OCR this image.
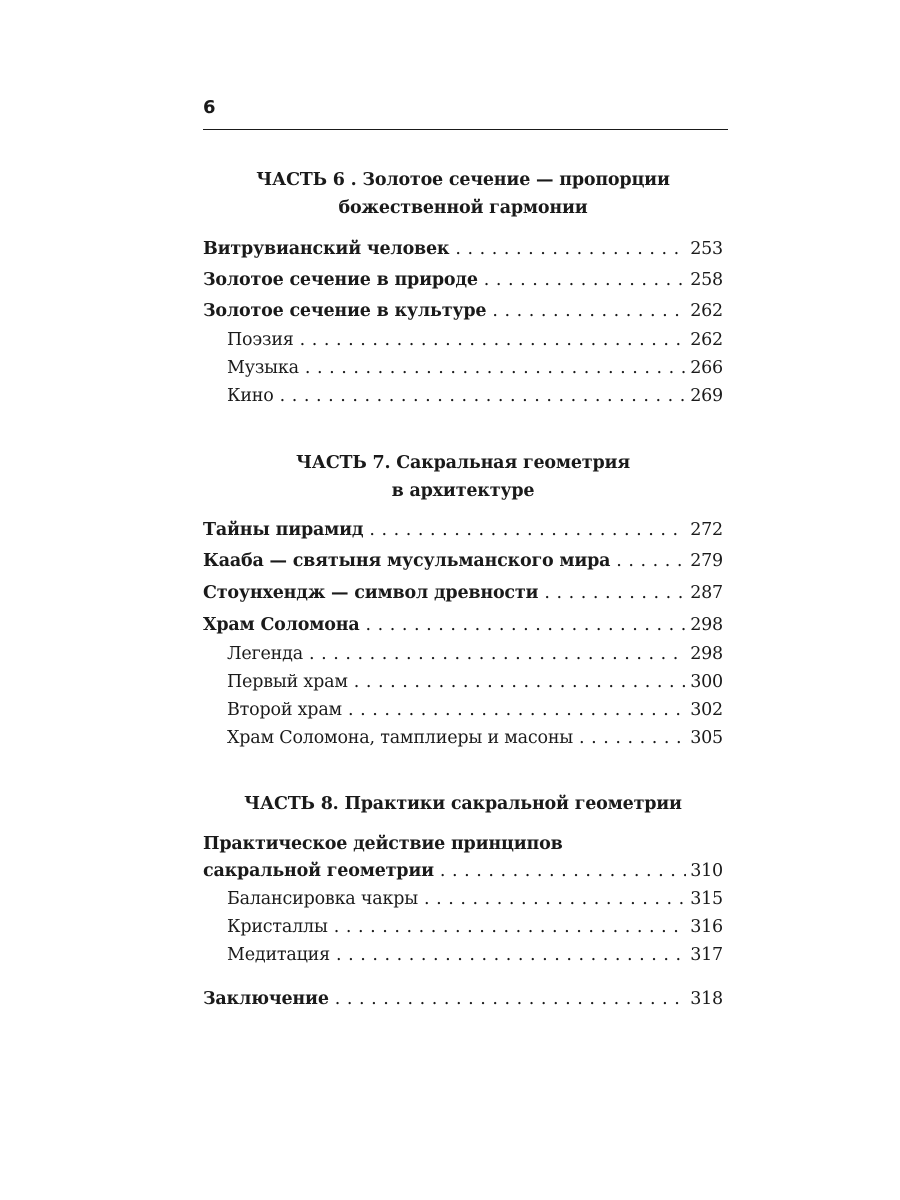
6
ЧАСТЬ 6 . Золотое сечение — пропорции
божественной гармонии
Витрувианский человек . . .	253
Золотое сечение в природе . . .	258
Золотое сечение в культуре . . .	262
Поэзия . . .	262
Музыка . . .	266
Кино . . .	269
ЧАСТЬ 7. Сакральная геометрия
в архитектуре
Тайны пирамид . . .	272
Кааба — святыня мусульманского мира . . .	279
Стоунхендж — символ древности . . .	287
Храм Соломона . . .	298
Легенда . . .	298
Первый храм . . .	300
Второй храм . . .	302
Храм Соломона, тамплиеры и масоны . . .	305
ЧАСТЬ 8. Практики сакральной геометрии
Практическое действие принципов
сакральной геометрии . . .	310
Балансировка чакры . . .	315
Кристаллы . . .	316
Медитация . . .	317
Заключение . . .	318
